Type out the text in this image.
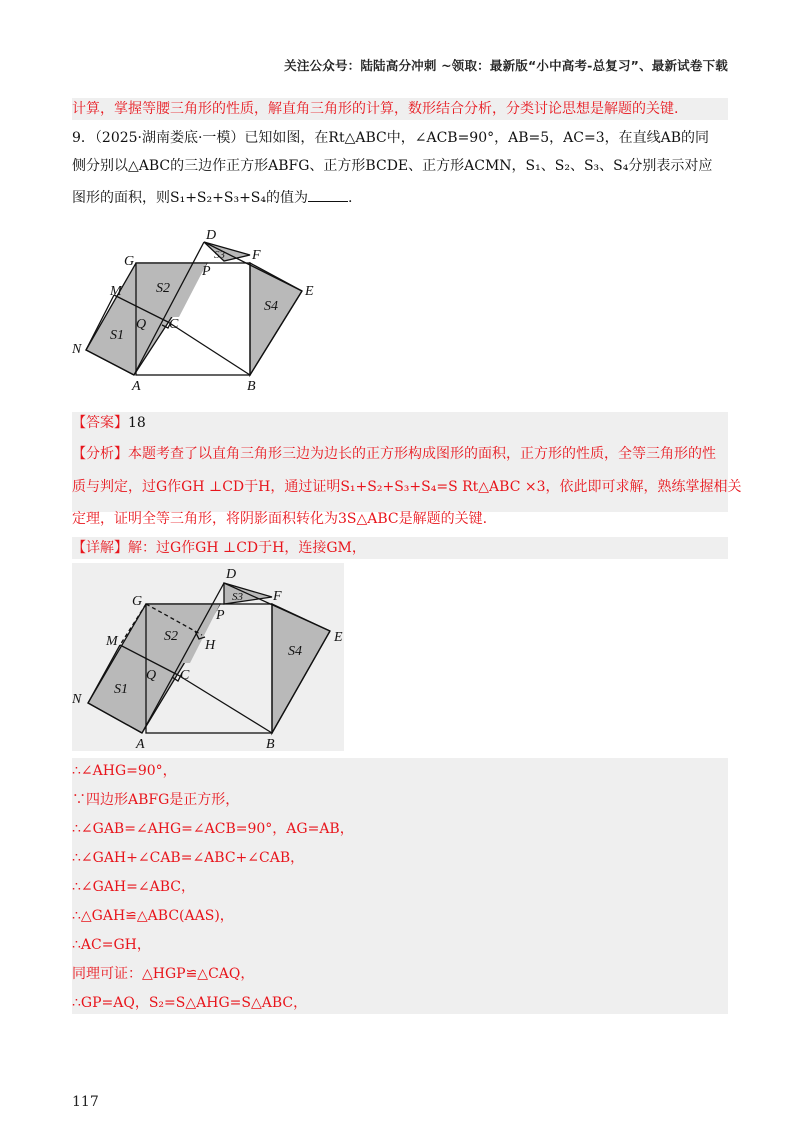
关注公众号：陆陆高分冲刺 ~领取：最新版“小中高考-总复习”、最新试卷下载
计算，掌握等腰三角形的性质，解直角三角形的计算，数形结合分析，分类讨论思想是解题的关键.
9．（2025·湖南娄底·一模）已知如图，在Rt△ABC中，∠ACB=90°，AB=5，AC=3，在直线AB的同
侧分别以△ABC的三边作正方形ABFG、正方形BCDE、正方形ACMN，S₁、S₂、S₃、S₄分别表示对应
图形的面积，则S₁+S₂+S₃+S₄的值为	.
D
F
G
P
E
M
Q C
N
A	B
S2
S3
S4
S1
【答案】18
【分析】本题考查了以直角三角形三边为边长的正方形构成图形的面积，正方形的性质，全等三角形的性
质与判定，过G作GH ⊥CD于H，通过证明S₁+S₂+S₃+S₄=S Rt△ABC ×3，依此即可求解，熟练掌握相关
定理，证明全等三角形，将阴影面积转化为3S△ABC是解题的关键.
【详解】解：过G作GH ⊥CD于H，连接GM，
D
F
G
P
H
E
M
Q C
N
A	B
S2
S3
S4
S1
∴∠AHG=90°，
∵四边形ABFG是正方形，
∴∠GAB=∠AHG=∠ACB=90°，AG=AB，
∴∠GAH+∠CAB=∠ABC+∠CAB，
∴∠GAH=∠ABC，
∴△GAH≌△ABC(AAS)，
∴AC=GH，
同理可证：△HGP≌△CAQ，
∴GP=AQ，S₂=S△AHG=S△ABC，
117
